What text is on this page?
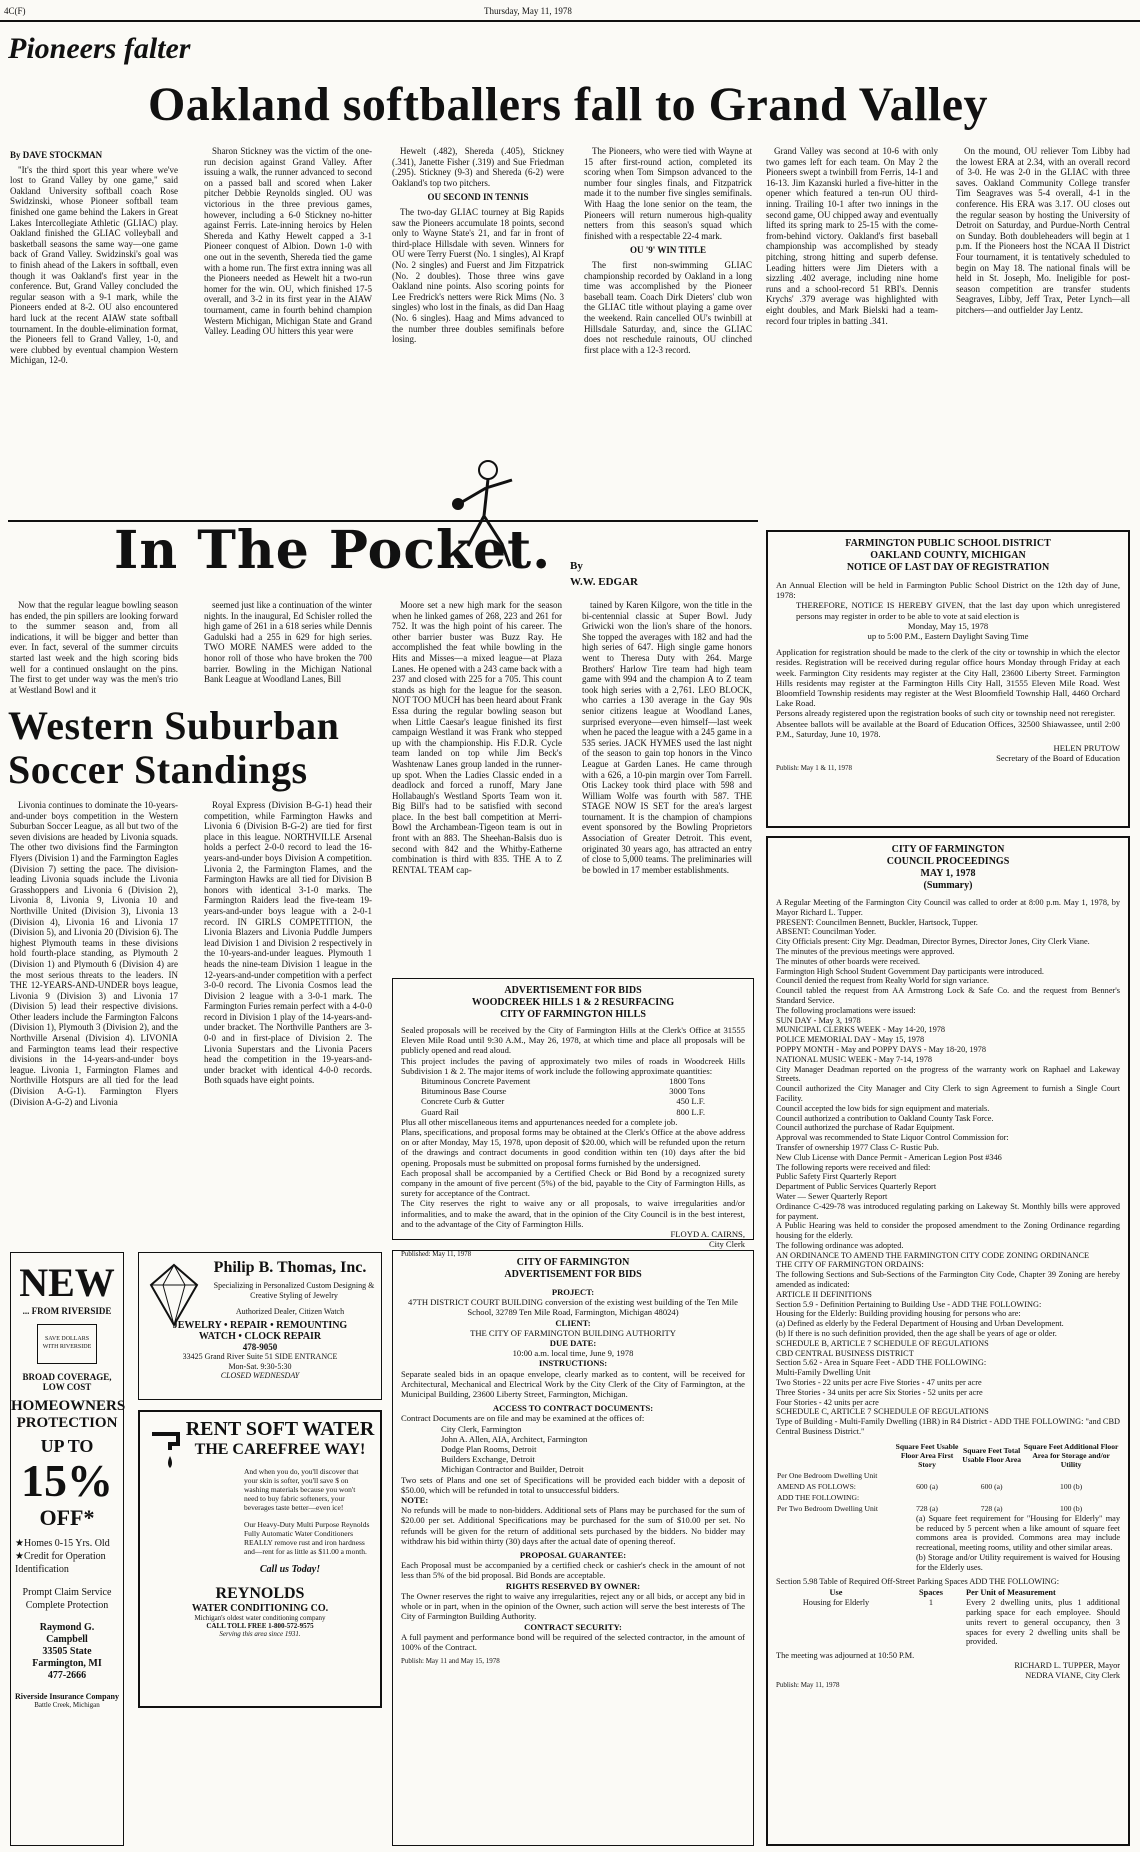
4C(F)	Thursday, May 11, 1978
Pioneers falter
Oakland softballers fall to Grand Valley

By DAVE STOCKMAN

"It's the third sport this year where we've lost to Grand Valley by one game," said Oakland University softball coach Rose Swidzinski, whose Pioneer softball team finished one game behind the Lakers in Great Lakes Intercollegiate Athletic (GLIAC) play. Oakland finished the GLIAC volleyball and basketball seasons the same way—one game back of Grand Valley. Swidzinski's goal was to finish ahead of the Lakers in softball, even though it was Oakland's first year in the conference. But, Grand Valley concluded the regular season with a 9-1 mark, while the Pioneers ended at 8-2. OU also encountered hard luck at the recent AIAW state softball tournament. In the double-elimination format, the Pioneers fell to Grand Valley, 1-0, and were clubbed by eventual champion Western Michigan, 12-0.

Sharon Stickney was the victim of the one-run decision against Grand Valley. After issuing a walk, the runner advanced to second on a passed ball and scored when Laker pitcher Debbie Reynolds singled. OU was victorious in the three previous games, however, including a 6-0 Stickney no-hitter against Ferris. Late-inning heroics by Helen Shereda and Kathy Hewelt capped a 3-1 Pioneer conquest of Albion. Down 1-0 with one out in the seventh, Shereda tied the game with a home run. The first extra inning was all the Pioneers needed as Hewelt hit a two-run homer for the win. OU, which finished 17-5 overall, and 3-2 in its first year in the AIAW tournament, came in fourth behind champion Western Michigan, Michigan State and Grand Valley. Leading OU hitters this year were

Hewelt (.482), Shereda (.405), Stickney (.341), Janette Fisher (.319) and Sue Friedman (.295). Stickney (9-3) and Shereda (6-2) were Oakland's top two pitchers.

OU SECOND IN TENNIS

The two-day GLIAC tourney at Big Rapids saw the Pioneers accumulate 18 points, second only to Wayne State's 21, and far in front of third-place Hillsdale with seven. Winners for OU were Terry Fuerst (No. 1 singles), Al Krapf (No. 2 singles) and Fuerst and Jim Fitzpatrick (No. 2 doubles). Those three wins gave Oakland nine points. Also scoring points for Lee Fredrick's netters were Rick Mims (No. 3 singles) who lost in the finals, as did Dan Haag (No. 6 singles). Haag and Mims advanced to the number three doubles semifinals before losing.

The Pioneers, who were tied with Wayne at 15 after first-round action, completed its scoring when Tom Simpson advanced to the number four singles finals, and Fitzpatrick made it to the number five singles semifinals. With Haag the lone senior on the team, the Pioneers will return numerous high-quality netters from this season's squad which finished with a respectable 22-4 mark.

OU '9' WIN TITLE

The first non-swimming GLIAC championship recorded by Oakland in a long time was accomplished by the Pioneer baseball team. Coach Dirk Dieters' club won the GLIAC title without playing a game over the weekend. Rain cancelled OU's twinbill at Hillsdale Saturday, and, since the GLIAC does not reschedule rainouts, OU clinched first place with a 12-3 record.

Grand Valley was second at 10-6 with only two games left for each team. On May 2 the Pioneers swept a twinbill from Ferris, 14-1 and 16-13. Jim Kazanski hurled a five-hitter in the opener which featured a ten-run OU third-inning. Trailing 10-1 after two innings in the second game, OU chipped away and eventually lifted its spring mark to 25-15 with the come-from-behind victory. Oakland's first baseball championship was accomplished by steady pitching, strong hitting and superb defense. Leading hitters were Jim Dieters with a sizzling .402 average, including nine home runs and a school-record 51 RBI's. Dennis Krychs' .379 average was highlighted with eight doubles, and Mark Bielski had a team-record four triples in batting .341.

On the mound, OU reliever Tom Libby had the lowest ERA at 2.34, with an overall record of 3-0. He was 2-0 in the GLIAC with three saves. Oakland Community College transfer Tim Seagraves was 5-4 overall, 4-1 in the conference. His ERA was 3.17. OU closes out the regular season by hosting the University of Detroit on Saturday, and Purdue-North Central on Sunday. Both doubleheaders will begin at 1 p.m. If the Pioneers host the NCAA II District Four tournament, it is tentatively scheduled to begin on May 18. The national finals will be held in St. Joseph, Mo. Ineligible for post-season competition are transfer students Seagraves, Libby, Jeff Trax, Peter Lynch—all pitchers—and outfielder Jay Lentz.

In The Pocket. By
W.W. EDGAR

Now that the regular league bowling season has ended, the pin spillers are looking forward to the summer season and, from all indications, it will be bigger and better than ever. In fact, several of the summer circuits started last week and the high scoring bids well for a continued onslaught on the pins. The first to get under way was the men's trio at Westland Bowl and it

seemed just like a continuation of the winter nights. In the inaugural, Ed Schisler rolled the high game of 261 in a 618 series while Dennis Gadulski had a 255 in 629 for high series. TWO MORE NAMES were added to the honor roll of those who have broken the 700 barrier. Bowling in the Michigan National Bank League at Woodland Lanes, Bill

Moore set a new high mark for the season when he linked games of 268, 223 and 261 for 752. It was the high point of his career. The other barrier buster was Buzz Ray. He accomplished the feat while bowling in the Hits and Misses—a mixed league—at Plaza Lanes. He opened with a 243 came back with a 237 and closed with 225 for a 705. This count stands as high for the league for the season. NOT TOO MUCH has been heard about Frank Essa during the regular bowling season but when Little Caesar's league finished its first campaign Westland it was Frank who stepped up with the championship. His F.D.R. Cycle team landed on top while Jim Beck's Washtenaw Lanes group landed in the runner-up spot. When the Ladies Classic ended in a deadlock and forced a runoff, Mary Jane Hollabaugh's Westland Sports Team won it. Big Bill's had to be satisfied with second place. In the best ball competition at Merri-Bowl the Archambean-Tigeon team is out in front with an 883. The Sheehan-Balsis duo is second with 842 and the Whitby-Eatherne combination is third with 835. THE A to Z RENTAL TEAM cap-

tained by Karen Kilgore, won the title in the bi-centennial classic at Super Bowl. Judy Griwicki won the lion's share of the honors. She topped the averages with 182 and had the high series of 647. High single game honors went to Theresa Duty with 264. Marge Brothers' Harlow Tire team had high team game with 994 and the champion A to Z team took high series with a 2,761. LEO BLOCK, who carries a 130 average in the Gay 90s senior citizens league at Woodland Lanes, surprised everyone—even himself—last week when he paced the league with a 245 game in a 535 series. JACK HYMES used the last night of the season to gain top honors in the Vinco League at Garden Lanes. He came through with a 626, a 10-pin margin over Tom Farrell. Otis Lackey took third place with 598 and William Wolfe was fourth with 587. THE STAGE NOW IS SET for the area's largest tournament. It is the champion of champions event sponsored by the Bowling Proprietors Association of Greater Detroit. This event, originated 30 years ago, has attracted an entry of close to 5,000 teams. The preliminaries will be bowled in 17 member establishments.

Western Suburban Soccer Standings

Livonia continues to dominate the 10-years-and-under boys competition in the Western Suburban Soccer League, as all but two of the seven divisions are headed by Livonia squads. The other two divisions find the Farmington Flyers (Division 1) and the Farmington Eagles (Division 7) setting the pace. The division-leading Livonia squads include the Livonia Grasshoppers and Livonia 6 (Division 2), Livonia 8, Livonia 9, Livonia 10 and Northville United (Division 3), Livonia 13 (Division 4), Livonia 16 and Livonia 17 (Division 5), and Livonia 20 (Division 6). The highest Plymouth teams in these divisions hold fourth-place standing, as Plymouth 2 (Division 1) and Plymouth 6 (Division 4) are the most serious threats to the leaders. IN THE 12-YEARS-AND-UNDER boys league, Livonia 9 (Division 3) and Livonia 17 (Division 5) lead their respective divisions. Other leaders include the Farmington Falcons (Division 1), Plymouth 3 (Division 2), and the Northville Arsenal (Division 4). LIVONIA and Farmington teams lead their respective divisions in the 14-years-and-under boys league. Livonia 1, Farmington Flames and Northville Hotspurs are all tied for the lead (Division A-G-1). Farmington Flyers (Division A-G-2) and Livonia

Royal Express (Division B-G-1) head their competition, while Farmington Hawks and Livonia 6 (Division B-G-2) are tied for first place in this league. NORTHVILLE Arsenal holds a perfect 2-0-0 record to lead the 16-years-and-under boys Division A competition. Livonia 2, the Farmington Flames, and the Farmington Hawks are all tied for Division B honors with identical 3-1-0 marks. The Farmington Raiders lead the five-team 19-years-and-under boys league with a 2-0-1 record. IN GIRLS COMPETITION, the Livonia Blazers and Livonia Puddle Jumpers lead Division 1 and Division 2 respectively in the 10-years-and-under leagues. Plymouth 1 heads the nine-team Division 1 league in the 12-years-and-under competition with a perfect 3-0-0 record. The Livonia Cosmos lead the Division 2 league with a 3-0-1 mark. The Farmington Furies remain perfect with a 4-0-0 record in Division 1 play of the 14-years-and-under bracket. The Northville Panthers are 3-0-0 and in first-place of Division 2. The Livonia Superstars and the Livonia Pacers head the competition in the 19-years-and-under bracket with identical 4-0-0 records. Both squads have eight points.

NEW
... FROM RIVERSIDE
SAVE DOLLARS WITH RIVERSIDE
BROAD COVERAGE, LOW COST
HOMEOWNERS
PROTECTION
UP TO
15%
OFF*
★Homes 0-15 Yrs. Old
★Credit for Operation Identification
Prompt Claim Service
Complete Protection
Raymond G.
Campbell
33505 State
Farmington, MI
477-2666
Riverside Insurance Company
Battle Creek, Michigan
Philip B. Thomas, Inc.
Specializing in Personalized Custom Designing & Creative Styling of Jewelry
Authorized Dealer, Citizen Watch
JEWELRY • REPAIR • REMOUNTING
WATCH • CLOCK REPAIR
478-9050
33425 Grand River Suite 51 SIDE ENTRANCE
Mon-Sat. 9:30-5:30
CLOSED WEDNESDAY
RENT SOFT WATER
THE CAREFREE WAY!
And when you do, you'll discover that your skin is softer, you'll save $ on washing materials because you won't need to buy fabric softeners, your beverages taste better—even ice!
Our Heavy-Duty Multi Purpose Reynolds Fully Automatic Water Conditioners REALLY remove rust and iron hardness and—rent for as little as $11.00 a month.
Call us Today!
REYNOLDS
WATER CONDITIONING CO.
Michigan's oldest water conditioning company
CALL TOLL FREE 1-800-572-9575
Serving this area since 1931.
ADVERTISEMENT FOR BIDS
WOODCREEK HILLS 1 & 2 RESURFACING
CITY OF FARMINGTON HILLS

Sealed proposals will be received by the City of Farmington Hills at the Clerk's Office at 31555 Eleven Mile Road until 9:30 A.M., May 26, 1978, at which time and place all proposals will be publicly opened and read aloud.

This project includes the paving of approximately two miles of roads in Woodcreek Hills Subdivision 1 & 2. The major items of work include the following approximate quantities:

Bituminous Concrete Pavement	1800 Tons
Bituminous Base Course	3000 Tons
Concrete Curb & Gutter	450 L.F.
Guard Rail	800 L.F.

Plus all other miscellaneous items and appurtenances needed for a complete job.

Plans, specifications, and proposal forms may be obtained at the Clerk's Office at the above address on or after Monday, May 15, 1978, upon deposit of $20.00, which will be refunded upon the return of the drawings and contract documents in good condition within ten (10) days after the bid opening. Proposals must be submitted on proposal forms furnished by the undersigned.

Each proposal shall be accompanied by a Certified Check or Bid Bond by a recognized surety company in the amount of five percent (5%) of the bid, payable to the City of Farmington Hills, as surety for acceptance of the Contract.

The City reserves the right to waive any or all proposals, to waive irregularities and/or informalities, and to make the award, that in the opinion of the City Council is in the best interest, and to the advantage of the City of Farmington Hills.

FLOYD A. CAIRNS,

City Clerk

Published: May 11, 1978

CITY OF FARMINGTON
ADVERTISEMENT FOR BIDS

PROJECT:

47TH DISTRICT COURT BUILDING conversion of the existing west building of the Ten Mile School, 32789 Ten Mile Road, Farmington, Michigan 48024)

CLIENT:

THE CITY OF FARMINGTON BUILDING AUTHORITY

DUE DATE:

10:00 a.m. local time, June 9, 1978

INSTRUCTIONS:

Separate sealed bids in an opaque envelope, clearly marked as to content, will be received for Architectural, Mechanical and Electrical Work by the City Clerk of the City of Farmington, at the Municipal Building, 23600 Liberty Street, Farmington, Michigan.

ACCESS TO CONTRACT DOCUMENTS:

Contract Documents are on file and may be examined at the offices of:

City Clerk, Farmington
John A. Allen, AIA, Architect, Farmington
Dodge Plan Rooms, Detroit
Builders Exchange, Detroit
Michigan Contractor and Builder, Detroit

Two sets of Plans and one set of Specifications will be provided each bidder with a deposit of $50.00, which will be refunded in total to unsuccessful bidders.

NOTE:

No refunds will be made to non-bidders. Additional sets of Plans may be purchased for the sum of $20.00 per set. Additional Specifications may be purchased for the sum of $10.00 per set. No refunds will be given for the return of additional sets purchased by the bidders. No bidder may withdraw his bid within thirty (30) days after the actual date of opening thereof.

PROPOSAL GUARANTEE:

Each Proposal must be accompanied by a certified check or cashier's check in the amount of not less than 5% of the bid proposal. Bid Bonds are acceptable.

RIGHTS RESERVED BY OWNER:

The Owner reserves the right to waive any irregularities, reject any or all bids, or accept any bid in whole or in part, when in the opinion of the Owner, such action will serve the best interests of The City of Farmington Building Authority.

CONTRACT SECURITY:

A full payment and performance bond will be required of the selected contractor, in the amount of 100% of the Contract.

Publish: May 11 and May 15, 1978

FARMINGTON PUBLIC SCHOOL DISTRICT
OAKLAND COUNTY, MICHIGAN
NOTICE OF LAST DAY OF REGISTRATION

An Annual Election will be held in Farmington Public School District on the 12th day of June, 1978:

THEREFORE, NOTICE IS HEREBY GIVEN, that the last day upon which unregistered persons may register in order to be able to vote at said election is

Monday, May 15, 1978

up to 5:00 P.M., Eastern Daylight Saving Time

Application for registration should be made to the clerk of the city or township in which the elector resides. Registration will be received during regular office hours Monday through Friday at each week. Farmington City residents may register at the City Hall, 23600 Liberty Street. Farmington Hills residents may register at the Farmington Hills City Hall, 31555 Eleven Mile Road. West Bloomfield Township residents may register at the West Bloomfield Township Hall, 4460 Orchard Lake Road.

Persons already registered upon the registration books of such city or township need not reregister.

Absentee ballots will be available at the Board of Education Offices, 32500 Shiawassee, until 2:00 P.M., Saturday, June 10, 1978.

HELEN PRUTOW

Secretary of the Board of Education

Publish: May 1 & 11, 1978

CITY OF FARMINGTON
COUNCIL PROCEEDINGS
MAY 1, 1978
(Summary)

A Regular Meeting of the Farmington City Council was called to order at 8:00 p.m. May 1, 1978, by Mayor Richard L. Tupper.

PRESENT: Councilmen Bennett, Buckler, Hartsock, Tupper.

ABSENT: Councilman Yoder.

City Officials present: City Mgr. Deadman, Director Byrnes, Director Jones, City Clerk Viane.

The minutes of the previous meetings were approved.

The minutes of other boards were received.

Farmington High School Student Government Day participants were introduced.

Council denied the request from Realty World for sign variance.

Council tabled the request from AA Armstrong Lock & Safe Co. and the request from Benner's Standard Service.

The following proclamations were issued:

SUN DAY - May 3, 1978

MUNICIPAL CLERKS WEEK - May 14-20, 1978

POLICE MEMORIAL DAY - May 15, 1978

POPPY MONTH - May and POPPY DAYS - May 18-20, 1978

NATIONAL MUSIC WEEK - May 7-14, 1978

City Manager Deadman reported on the progress of the warranty work on Raphael and Lakeway Streets.

Council authorized the City Manager and City Clerk to sign Agreement to furnish a Single Court Facility.

Council accepted the low bids for sign equipment and materials.

Council authorized a contribution to Oakland County Task Force.

Council authorized the purchase of Radar Equipment.

Approval was recommended to State Liquor Control Commission for:

Transfer of ownership 1977 Class C- Rustic Pub.

New Club License with Dance Permit - American Legion Post #346

The following reports were received and filed:

Public Safety First Quarterly Report

Department of Public Services Quarterly Report

Water — Sewer Quarterly Report

Ordinance C-429-78 was introduced regulating parking on Lakeway St. Monthly bills were approved for payment.

A Public Hearing was held to consider the proposed amendment to the Zoning Ordinance regarding housing for the elderly.

The following ordinance was adopted.

AN ORDINANCE TO AMEND THE FARMINGTON CITY CODE ZONING ORDINANCE

THE CITY OF FARMINGTON ORDAINS:

The following Sections and Sub-Sections of the Farmington City Code, Chapter 39 Zoning are hereby amended as indicated:

ARTICLE II DEFINITIONS

Section 5.9 - Definition Pertaining to Building Use - ADD THE FOLLOWING:

Housing for the Elderly: Building providing housing for persons who are:

(a) Defined as elderly by the Federal Department of Housing and Urban Development.

(b) If there is no such definition provided, then the age shall be years of age or older.

SCHEDULE B, ARTICLE 7 SCHEDULE OF REGULATIONS

CBD CENTRAL BUSINESS DISTRICT

Section 5.62 - Area in Square Feet - ADD THE FOLLOWING:

Multi-Family Dwelling Unit

Two Stories - 22 units per acre Five Stories - 47 units per acre

Three Stories - 34 units per acre Six Stories - 52 units per acre

Four Stories - 42 units per acre

SCHEDULE C, ARTICLE 7 SCHEDULE OF REGULATIONS

Type of Building - Multi-Family Dwelling (1BR) in R4 District - ADD THE FOLLOWING: "and CBD Central Business District."

	Square Feet Usable Floor Area First Story	Square Feet Total Usable Floor Area	Square Feet Additional Floor Area for Storage and/or Utility
Per One Bedroom Dwelling Unit			
AMEND AS FOLLOWS:	600 (a)	600 (a)	100 (b)
ADD THE FOLLOWING:			
Per Two Bedroom Dwelling Unit	728 (a)	728 (a)	100 (b)

(a) Square feet requirement for "Housing for Elderly" may be reduced by 5 percent when a like amount of square feet commons area is provided. Commons area may include recreational, meeting rooms, utility and other similar areas.

(b) Storage and/or Utility requirement is waived for Housing for the Elderly uses.

Section 5.98 Table of Required Off-Street Parking Spaces ADD THE FOLLOWING:

Use	Spaces	Per Unit of Measurement
Housing for Elderly	1	Every 2 dwelling units, plus 1 additional parking space for each employee. Should units revert to general occupancy, then 3 spaces for every 2 dwelling units shall be provided.

The meeting was adjourned at 10:50 P.M.

RICHARD L. TUPPER, Mayor

NEDRA VIANE, City Clerk

Publish: May 11, 1978
